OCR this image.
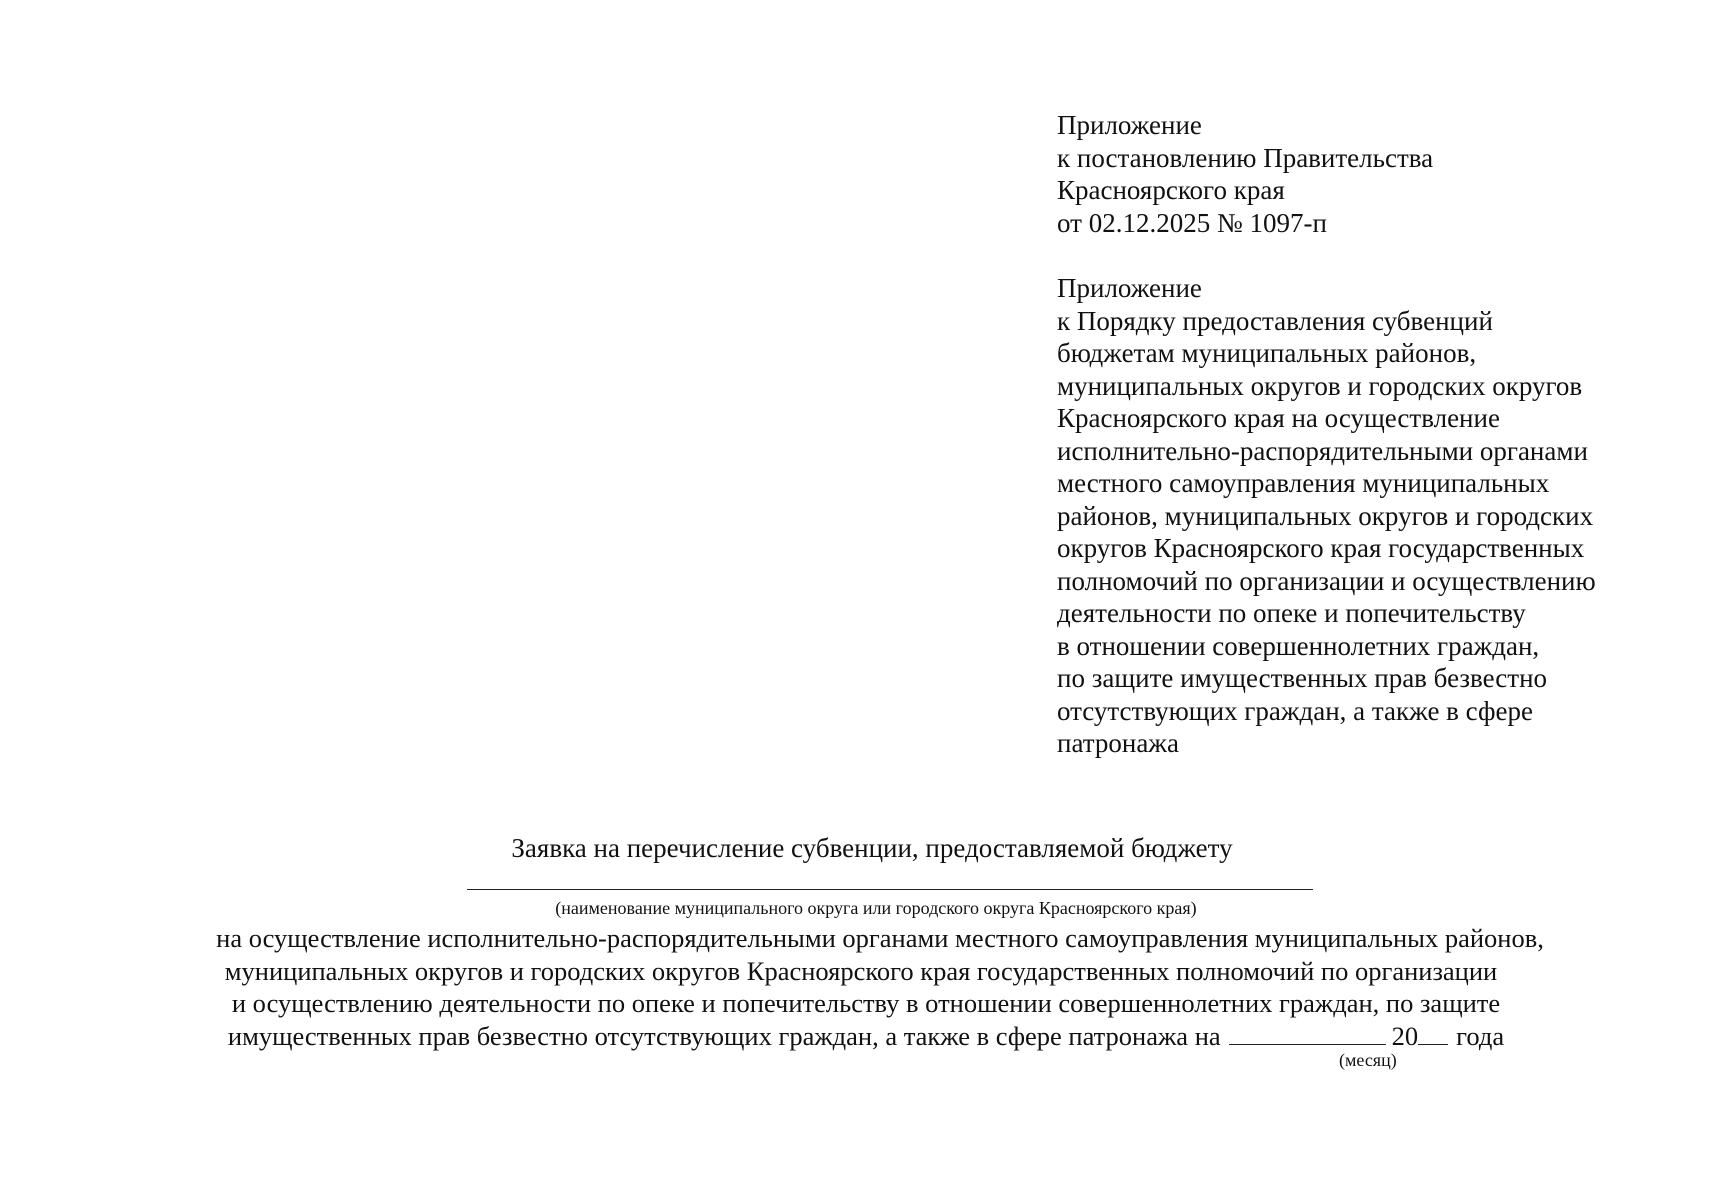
Приложение
к постановлению Правительства
Красноярского края
от 02.12.2025 № 1097-п
Приложение
к Порядку предоставления субвенций
бюджетам муниципальных районов,
муниципальных округов и городских округов
Красноярского края на осуществление
исполнительно-распорядительными органами
местного самоуправления муниципальных
районов, муниципальных округов и городских
округов Красноярского края государственных
полномочий по организации и осуществлению
деятельности по опеке и попечительству
в отношении совершеннолетних граждан,
по защите имущественных прав безвестно
отсутствующих граждан, а также в сфере
патронажа
Заявка на перечисление субвенции, предоставляемой бюджету
(наименование муниципального округа или городского округа Красноярского края)
на осуществление исполнительно-распорядительными органами местного самоуправления муниципальных районов,
муниципальных округов и городских округов Красноярского края государственных полномочий по организации
и осуществлению деятельности по опеке и попечительству в отношении совершеннолетних граждан, по защите
имущественных прав безвестно отсутствующих граждан, а также в сфере патронажа на	20 года
(месяц)
